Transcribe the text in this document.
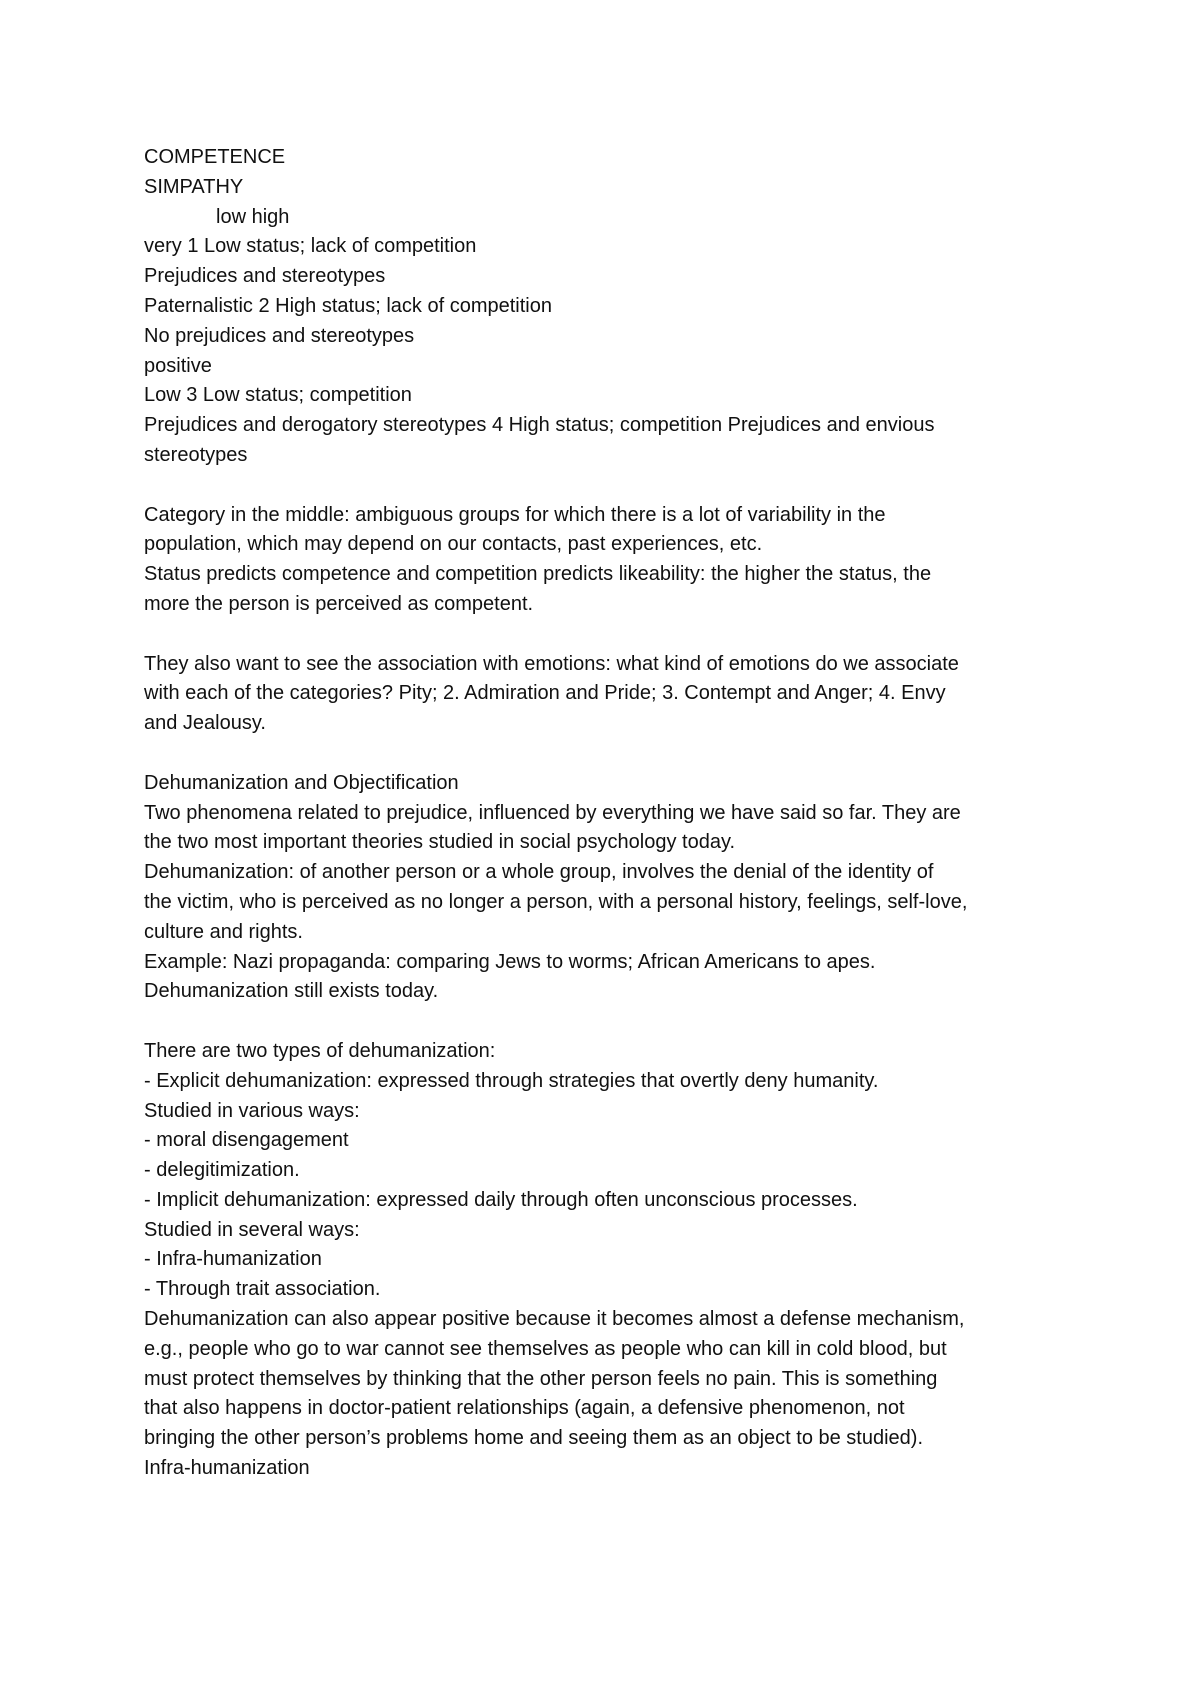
COMPETENCE

SIMPATHY

low high

very 1 Low status; lack of competition

Prejudices and stereotypes

Paternalistic 2 High status; lack of competition

No prejudices and stereotypes

positive

Low 3 Low status; competition

Prejudices and derogatory stereotypes 4 High status; competition Prejudices and envious

stereotypes

Category in the middle: ambiguous groups for which there is a lot of variability in the

population, which may depend on our contacts, past experiences, etc.

Status predicts competence and competition predicts likeability: the higher the status, the

more the person is perceived as competent.

They also want to see the association with emotions: what kind of emotions do we associate

with each of the categories? Pity; 2. Admiration and Pride; 3. Contempt and Anger; 4. Envy

and Jealousy.

Dehumanization and Objectification

Two phenomena related to prejudice, influenced by everything we have said so far. They are

the two most important theories studied in social psychology today.

Dehumanization: of another person or a whole group, involves the denial of the identity of

the victim, who is perceived as no longer a person, with a personal history, feelings, self-love,

culture and rights.

Example: Nazi propaganda: comparing Jews to worms; African Americans to apes.

Dehumanization still exists today.

There are two types of dehumanization:

- Explicit dehumanization: expressed through strategies that overtly deny humanity.

Studied in various ways:

- moral disengagement

- delegitimization.

- Implicit dehumanization: expressed daily through often unconscious processes.

Studied in several ways:

- Infra-humanization

- Through trait association.

Dehumanization can also appear positive because it becomes almost a defense mechanism,

e.g., people who go to war cannot see themselves as people who can kill in cold blood, but

must protect themselves by thinking that the other person feels no pain. This is something

that also happens in doctor-patient relationships (again, a defensive phenomenon, not

bringing the other person’s problems home and seeing them as an object to be studied).

Infra-humanization
